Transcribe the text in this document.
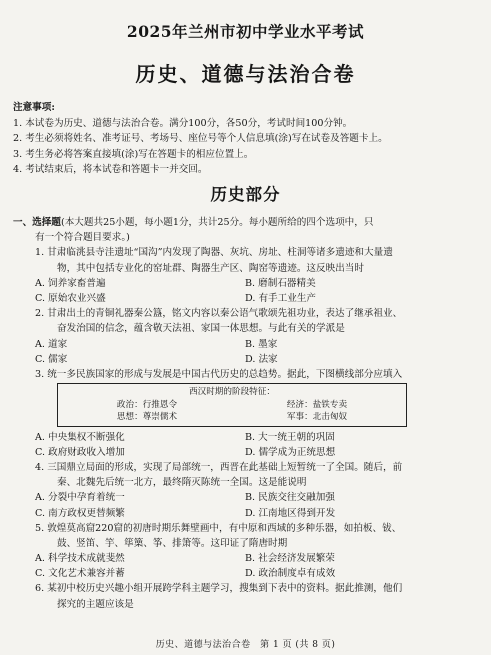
2025年兰州市初中学业水平考试
历史、道德与法治合卷
注意事项:
1. 本试卷为历史、道德与法治合卷。满分100分，各50分，考试时间100分钟。
2. 考生必须将姓名、准考证号、考场号、座位号等个人信息填(涂)写在试卷及答题卡上。
3. 考生务必将答案直接填(涂)写在答题卡的相应位置上。
4. 考试结束后，将本试卷和答题卡一并交回。
历史部分
一、选择题(本大题共25小题，每小题1分，共计25分。每小题所给的四个选项中，只
有一个符合题目要求。)
1. 甘肃临洮县寺洼遗址“国沟”内发现了陶器、灰坑、房址、柱洞等诸多遗迹和大量遗
物，其中包括专业化的窑址群、陶器生产区、陶窑等遗迹。这反映出当时
A. 饲养家畜普遍	B. 磨制石器精美
C. 原始农业兴盛	D. 有手工业生产
2. 甘肃出土的青铜礼器秦公簋，铭文内容以秦公语气歌颂先祖功业，表达了继承祖业、
奋发治国的信念，蕴含敬天法祖、家国一体思想。与此有关的学派是
A. 道家	B. 墨家
C. 儒家	D. 法家
3. 统一多民族国家的形成与发展是中国古代历史的总趋势。据此，下图横线部分应填入
西汉时期的阶段特征：
政治：行推恩令	经济：盐铁专卖
思想：尊崇儒术	军事：北击匈奴
A. 中央集权不断强化	B. 大一统王朝的巩固
C. 政府财政收入增加	D. 儒学成为正统思想
4. 三国鼎立局面的形成，实现了局部统一，西晋在此基础上短暂统一了全国。随后，前
秦、北魏先后统一北方，最终隋灭陈统一全国。这是能说明
A. 分裂中孕育着统一	B. 民族交往交融加强
C. 南方政权更替频繁	D. 江南地区得到开发
5. 敦煌莫高窟220窟的初唐时期乐舞壁画中，有中原和西域的多种乐器，如拍板、钹、
鼓、竖笛、竽、筚篥、筝、排箫等。这印证了隋唐时期
A. 科学技术成就斐然	B. 社会经济发展繁荣
C. 文化艺术兼容并蓄	D. 政治制度卓有成效
6. 某初中校历史兴趣小组开展跨学科主题学习，搜集到下表中的资料。据此推测，他们
探究的主题应该是
历史、道德与法治合卷　第 1 页 (共 8 页)
